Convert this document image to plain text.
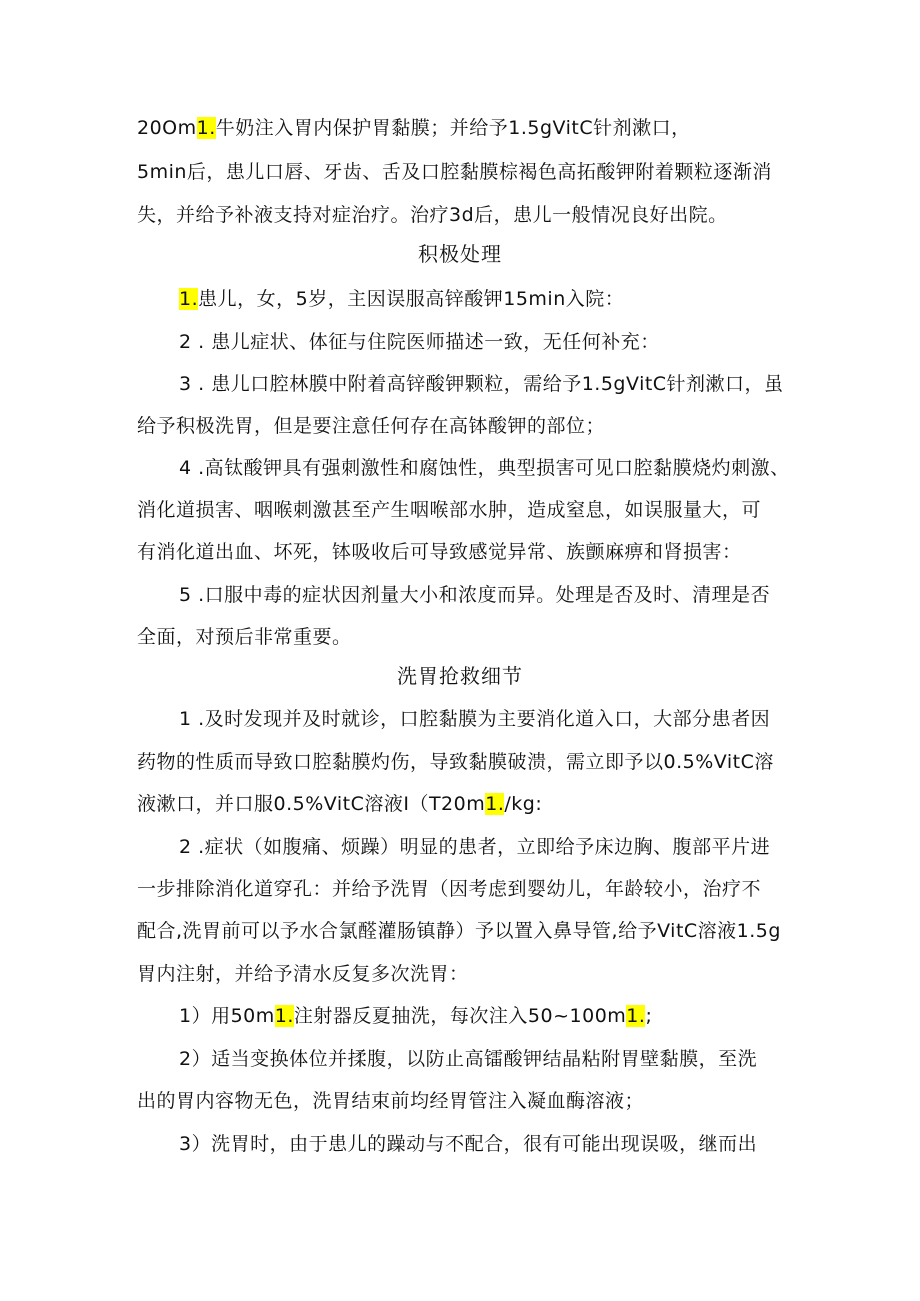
20Om1.牛奶注入胃内保护胃黏膜；并给予1.5gVitC针剂漱口，
5min后，患儿口唇、牙齿、舌及口腔黏膜棕褐色高拓酸钾附着颗粒逐渐消
失，并给予补液支持对症治疗。治疗3d后，患儿一般情况良好出院。
积极处理
1.患儿，女，5岁，主因误服高锌酸钾15min入院：
2 . 患儿症状、体征与住院医师描述一致，无任何补充：
3 . 患儿口腔林膜中附着高锌酸钾颗粒，需给予1.5gVitC针剂漱口，虽
给予积极洗胃，但是要注意任何存在高钵酸钾的部位；
4 .高钛酸钾具有强刺激性和腐蚀性，典型损害可见口腔黏膜烧灼刺激、
消化道损害、咽喉刺激甚至产生咽喉部水肿，造成窒息，如误服量大，可
有消化道出血、坏死，钵吸收后可导致感觉异常、族颤麻痹和肾损害：
5 .口服中毒的症状因剂量大小和浓度而异。处理是否及时、清理是否
全面，对预后非常重要。
洗胃抢救细节
1 .及时发现并及时就诊，口腔黏膜为主要消化道入口，大部分患者因
药物的性质而导致口腔黏膜灼伤，导致黏膜破溃，需立即予以0.5%VitC溶
液漱口，并口服0.5%VitC溶液I（T20m1./kg:
2 .症状（如腹痛、烦躁）明显的患者，立即给予床边胸、腹部平片进
一步排除消化道穿孔：并给予洗胃（因考虑到婴幼儿，年龄较小，治疗不
配合,洗胃前可以予水合氯醛灌肠镇静）予以置入鼻导管,给予VitC溶液1.5g
胃内注射，并给予清水反复多次洗胃：
1）用50m1.注射器反夏抽洗，每次注入50~100m1.;
2）适当变换体位并揉腹，以防止高镭酸钾结晶粘附胃壁黏膜，至洗
出的胃内容物无色，洗胃结束前均经胃管注入凝血酶溶液；
3）洗胃时，由于患儿的躁动与不配合，很有可能出现误吸，继而出
